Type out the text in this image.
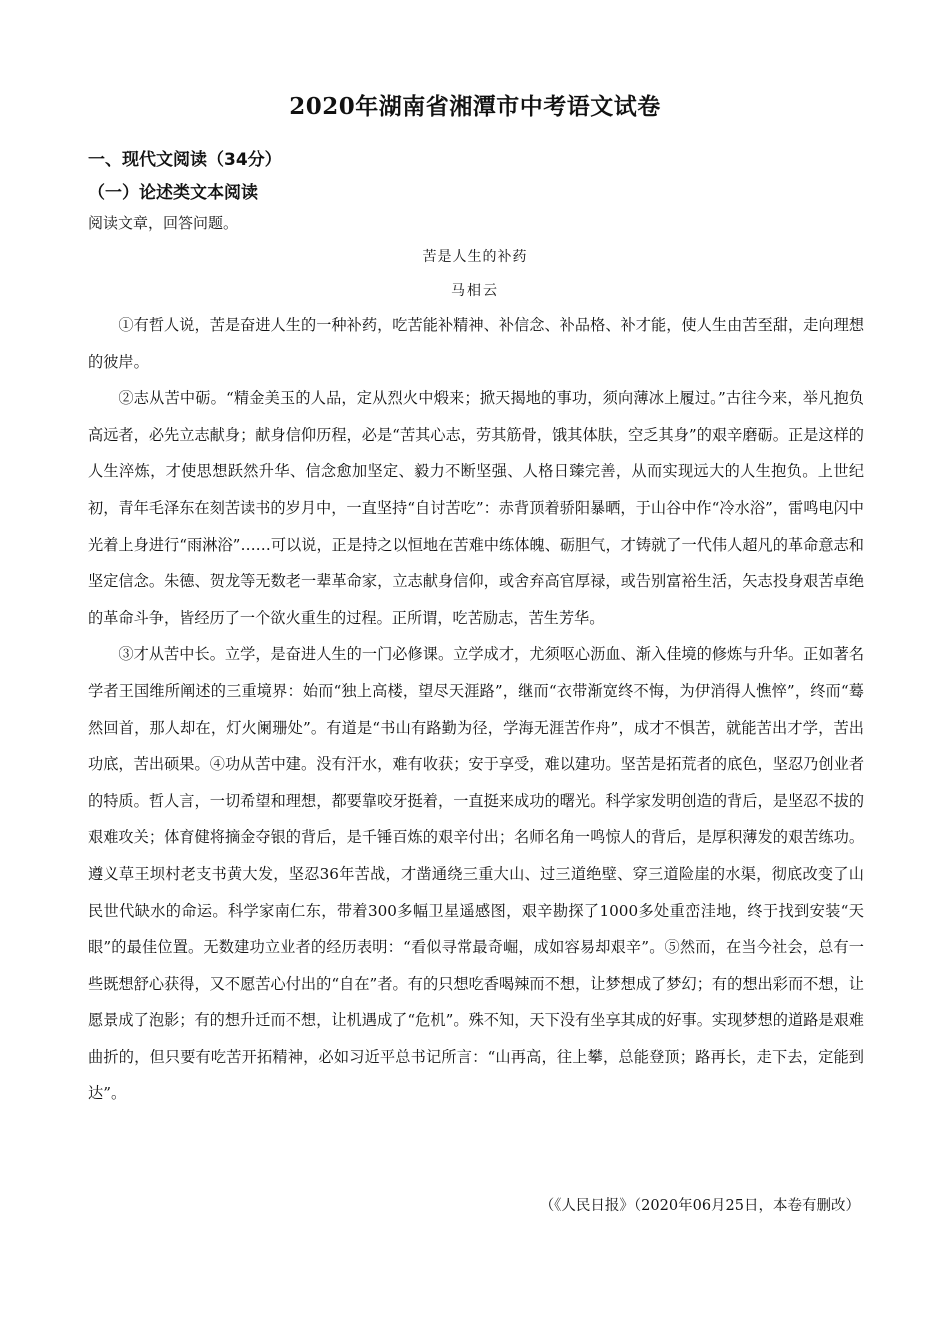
2020年湖南省湘潭市中考语文试卷
一、现代文阅读（34分）
（一）论述类文本阅读
阅读文章，回答问题。
苦是人生的补药
马相云

①有哲人说，苦是奋进人生的一种补药，吃苦能补精神、补信念、补品格、补才能，使人生由苦至甜，走向理想的彼岸。

②志从苦中砺。“精金美玉的人品，定从烈火中煅来；掀天揭地的事功，须向薄冰上履过。”古往今来，举凡抱负高远者，必先立志献身；献身信仰历程，必是“苦其心志，劳其筋骨，饿其体肤，空乏其身”的艰辛磨砺。正是这样的人生淬炼，才使思想跃然升华、信念愈加坚定、毅力不断坚强、人格日臻完善，从而实现远大的人生抱负。上世纪初，青年毛泽东在刻苦读书的岁月中，一直坚持“自讨苦吃”：赤背顶着骄阳暴晒，于山谷中作“冷水浴”，雷鸣电闪中光着上身进行“雨淋浴”……可以说，正是持之以恒地在苦难中练体魄、砺胆气，才铸就了一代伟人超凡的革命意志和坚定信念。朱德、贺龙等无数老一辈革命家，立志献身信仰，或舍弃高官厚禄，或告别富裕生活，矢志投身艰苦卓绝的革命斗争，皆经历了一个欲火重生的过程。正所谓，吃苦励志，苦生芳华。

③才从苦中长。立学，是奋进人生的一门必修课。立学成才，尤须呕心沥血、渐入佳境的修炼与升华。正如著名学者王国维所阐述的三重境界：始而“独上高楼，望尽天涯路”，继而“衣带渐宽终不悔，为伊消得人憔悴”，终而“蓦然回首，那人却在，灯火阑珊处”。有道是“书山有路勤为径，学海无涯苦作舟”，成才不惧苦，就能苦出才学，苦出功底，苦出硕果。④功从苦中建。没有汗水，难有收获；安于享受，难以建功。坚苦是拓荒者的底色，坚忍乃创业者的特质。哲人言，一切希望和理想，都要靠咬牙挺着，一直挺来成功的曙光。科学家发明创造的背后，是坚忍不拔的艰难攻关；体育健将摘金夺银的背后，是千锤百炼的艰辛付出；名师名角一鸣惊人的背后，是厚积薄发的艰苦练功。遵义草王坝村老支书黄大发，坚忍36年苦战，才凿通绕三重大山、过三道绝壁、穿三道险崖的水渠，彻底改变了山民世代缺水的命运。科学家南仁东，带着300多幅卫星遥感图，艰辛勘探了1000多处重峦洼地，终于找到安装“天眼”的最佳位置。无数建功立业者的经历表明：“看似寻常最奇崛，成如容易却艰辛”。⑤然而，在当今社会，总有一些既想舒心获得，又不愿苦心付出的“自在”者。有的只想吃香喝辣而不想，让梦想成了梦幻；有的想出彩而不想，让愿景成了泡影；有的想升迁而不想，让机遇成了“危机”。殊不知，天下没有坐享其成的好事。实现梦想的道路是艰难曲折的，但只要有吃苦开拓精神，必如习近平总书记所言：“山再高，往上攀，总能登顶；路再长，走下去，定能到达”。

（《人民日报》（2020年06月25日，本卷有删改）
